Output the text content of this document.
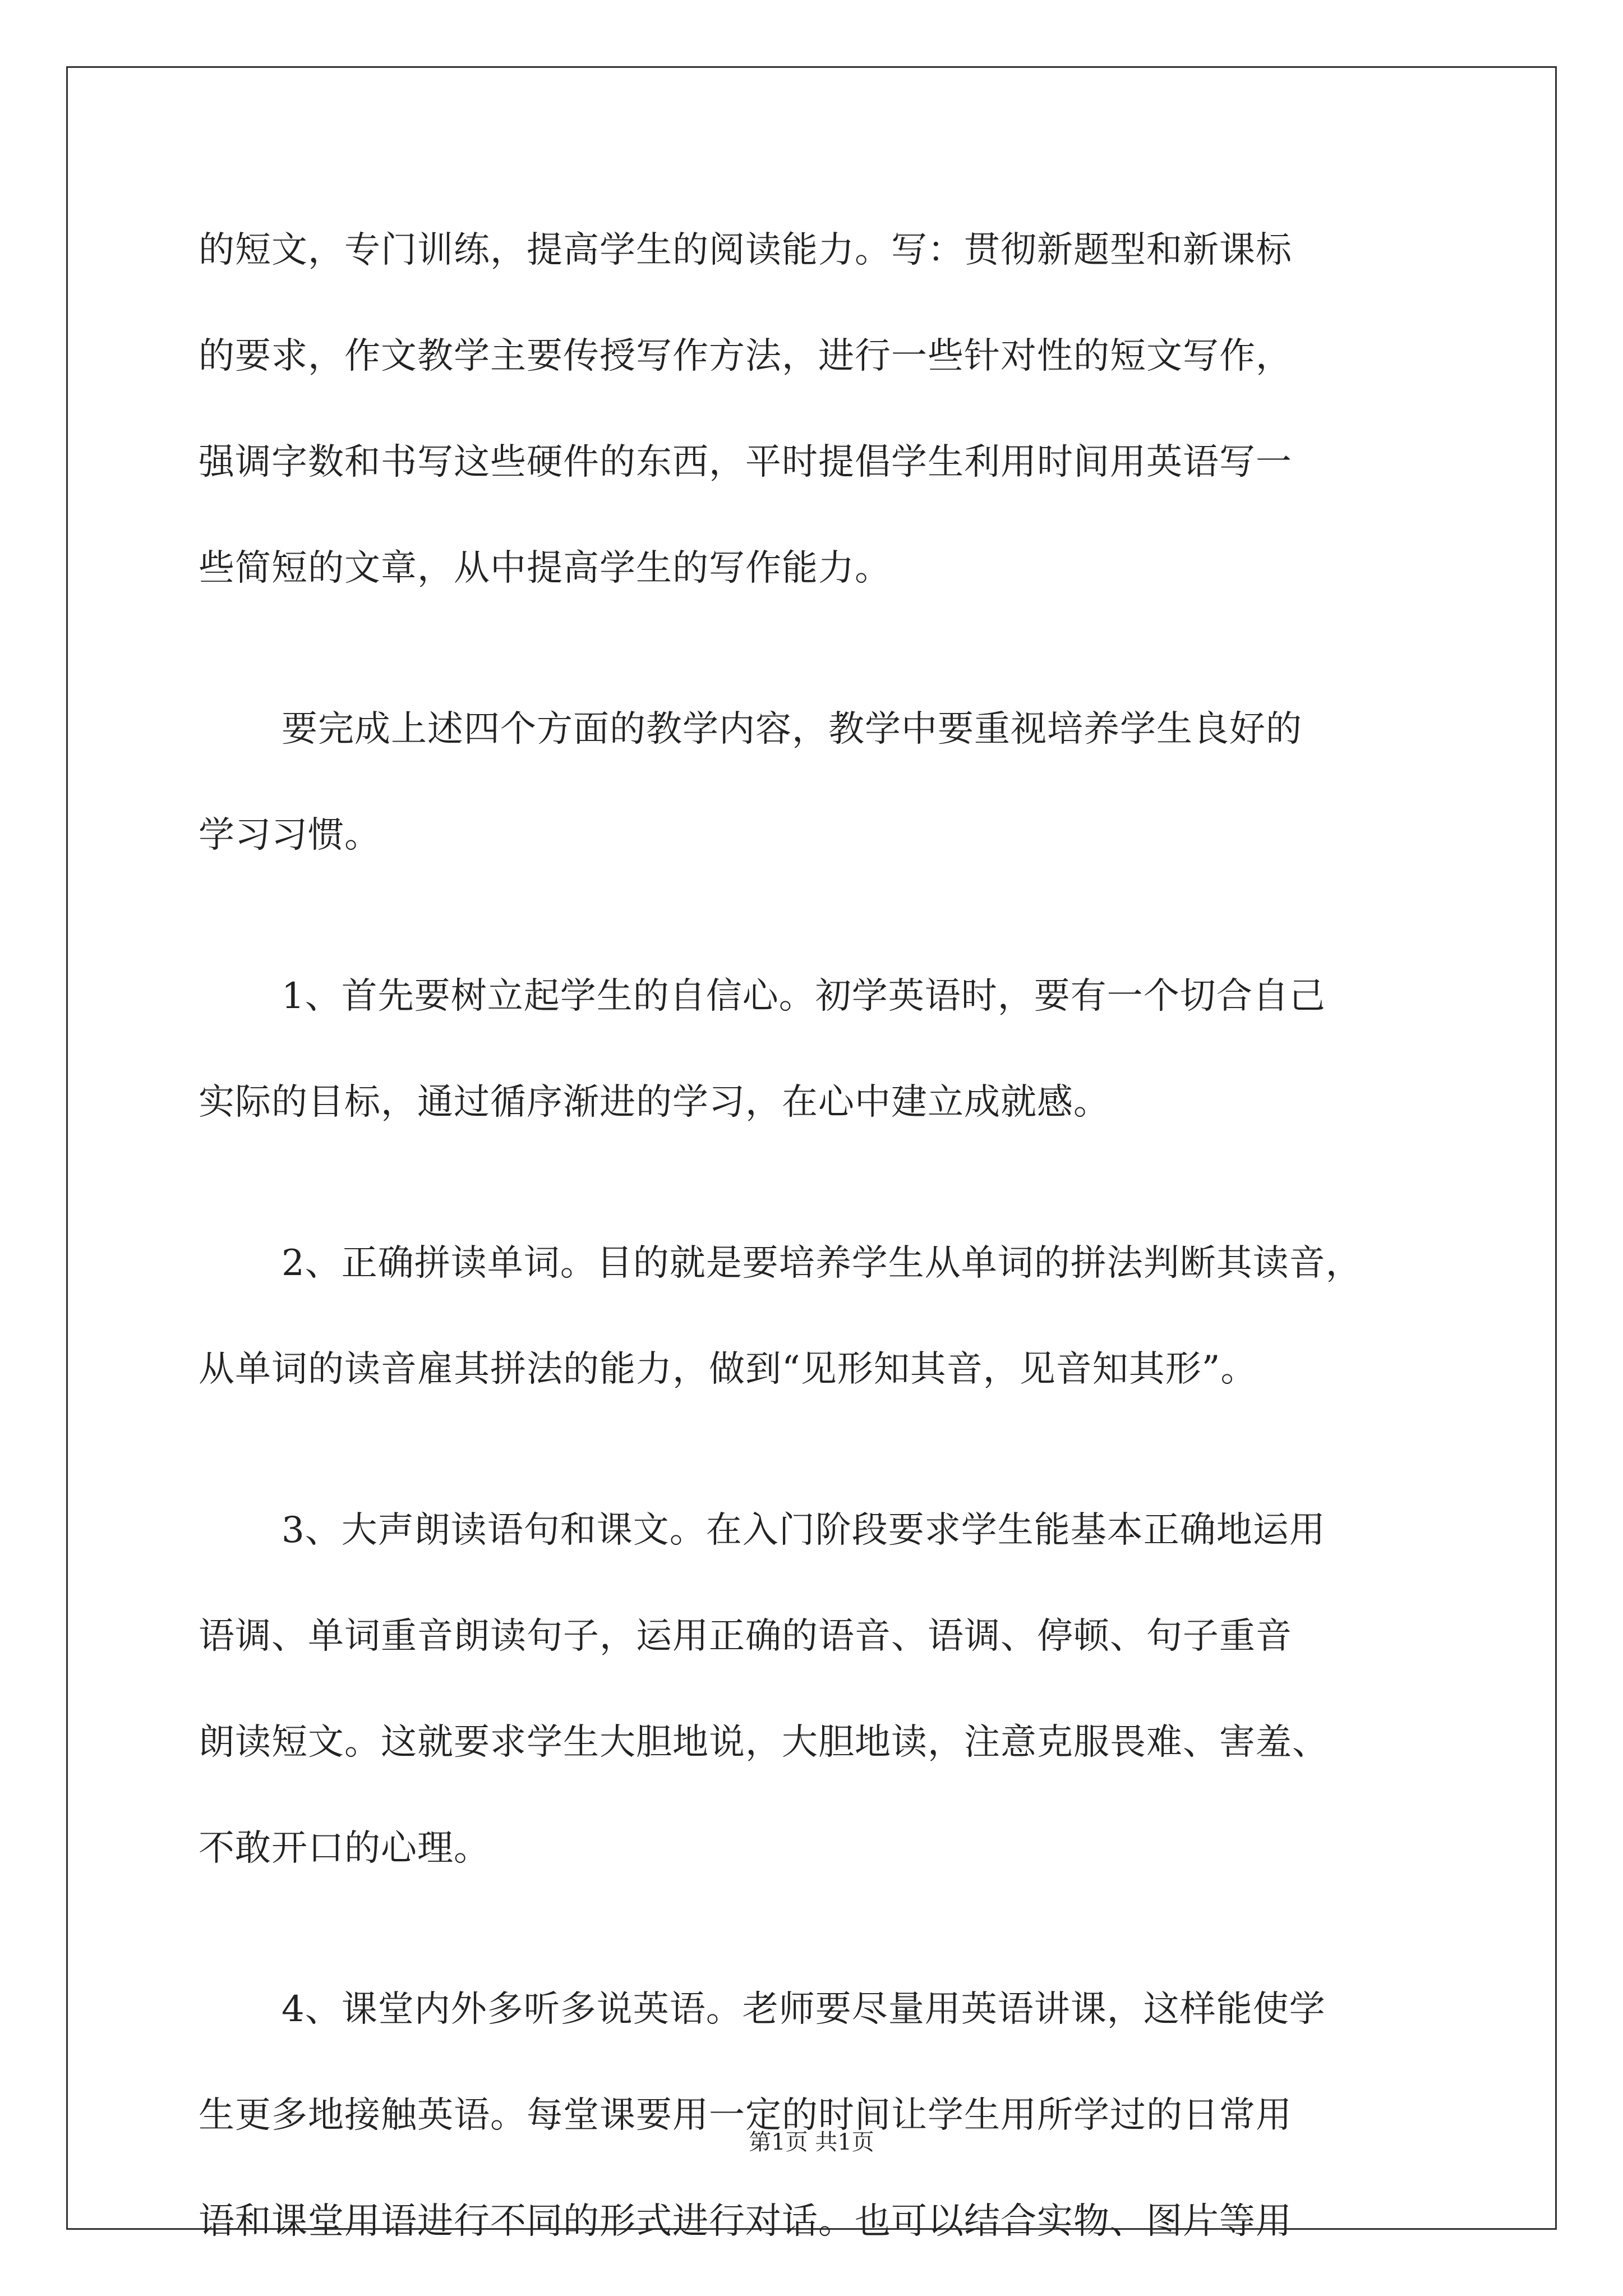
的短文，专门训练，提高学生的阅读能力。写：贯彻新题型和新课标
的要求，作文教学主要传授写作方法，进行一些针对性的短文写作，
强调字数和书写这些硬件的东西，平时提倡学生利用时间用英语写一
些简短的文章，从中提高学生的写作能力。
要完成上述四个方面的教学内容，教学中要重视培养学生良好的
学习习惯。
1、首先要树立起学生的自信心。初学英语时，要有一个切合自己
实际的目标，通过循序渐进的学习，在心中建立成就感。
2、正确拼读单词。目的就是要培养学生从单词的拼法判断其读音，
从单词的读音雇其拼法的能力，做到“见形知其音，见音知其形”。
3、大声朗读语句和课文。在入门阶段要求学生能基本正确地运用
语调、单词重音朗读句子，运用正确的语音、语调、停顿、句子重音
朗读短文。这就要求学生大胆地说，大胆地读，注意克服畏难、害羞、
不敢开口的心理。
4、课堂内外多听多说英语。老师要尽量用英语讲课，这样能使学
生更多地接触英语。每堂课要用一定的时间让学生用所学过的日常用
语和课堂用语进行不同的形式进行对话。也可以结合实物、图片等用
第1页 共1页
